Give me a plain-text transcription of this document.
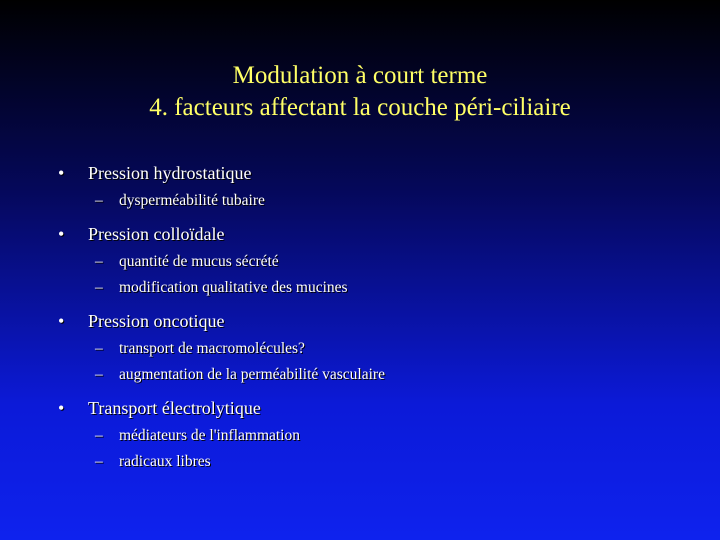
Modulation à court terme
4. facteurs affectant la couche péri-ciliaire
•	Pression hydrostatique
–	dysperméabilité tubaire
•	Pression colloïdale
–	quantité de mucus sécrété
–	modification qualitative des mucines
•	Pression oncotique
–	transport de macromolécules?
–	augmentation de la perméabilité vasculaire
•	Transport électrolytique
–	médiateurs de l'inflammation
–	radicaux libres
